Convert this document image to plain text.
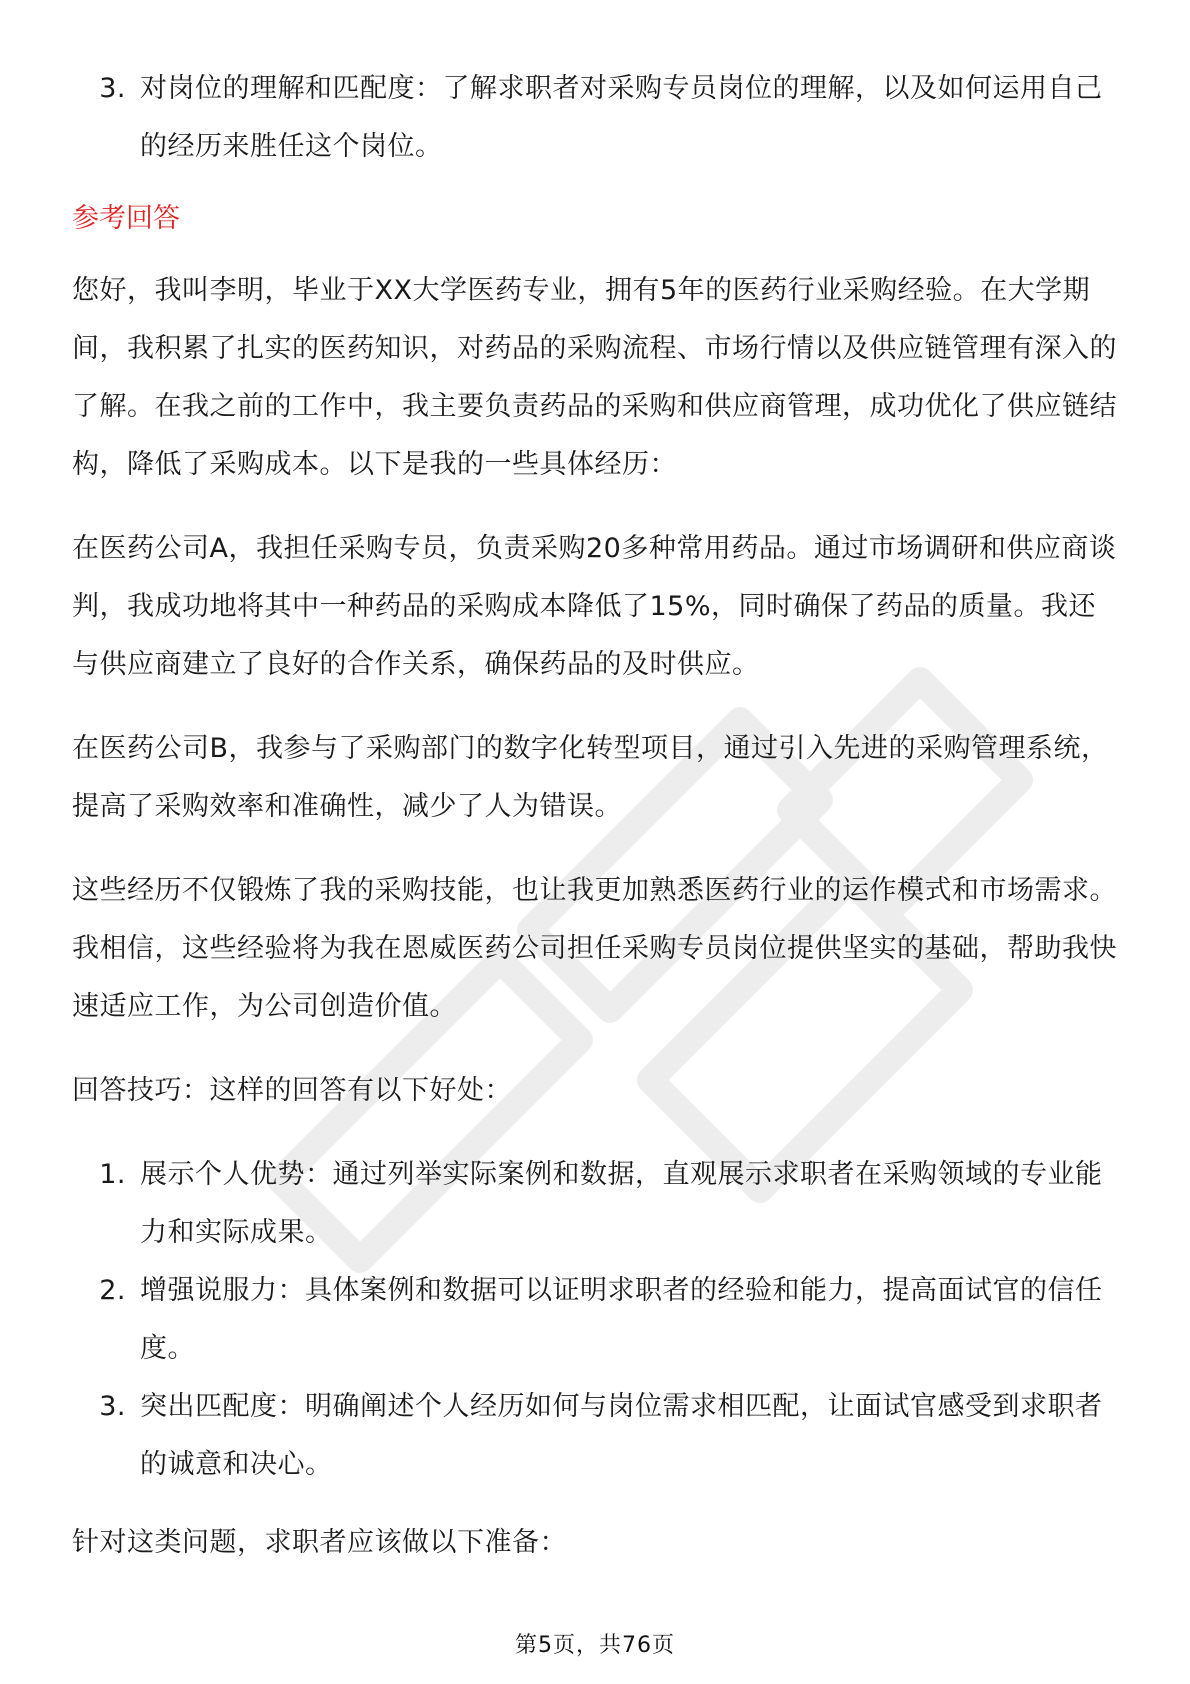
3. 对岗位的理解和匹配度：了解求职者对采购专员岗位的理解，以及如何运用自己的经历来胜任这个岗位。
参考回答

您好，我叫李明，毕业于XX大学医药专业，拥有5年的医药行业采购经验。在大学期间，我积累了扎实的医药知识，对药品的采购流程、市场行情以及供应链管理有深入的了解。在我之前的工作中，我主要负责药品的采购和供应商管理，成功优化了供应链结构，降低了采购成本。以下是我的一些具体经历：

在医药公司A，我担任采购专员，负责采购20多种常用药品。通过市场调研和供应商谈判，我成功地将其中一种药品的采购成本降低了15%，同时确保了药品的质量。我还与供应商建立了良好的合作关系，确保药品的及时供应。

在医药公司B，我参与了采购部门的数字化转型项目，通过引入先进的采购管理系统，提高了采购效率和准确性，减少了人为错误。

这些经历不仅锻炼了我的采购技能，也让我更加熟悉医药行业的运作模式和市场需求。我相信，这些经验将为我在恩威医药公司担任采购专员岗位提供坚实的基础，帮助我快速适应工作，为公司创造价值。

回答技巧：这样的回答有以下好处：

1. 展示个人优势：通过列举实际案例和数据，直观展示求职者在采购领域的专业能力和实际成果。
2. 增强说服力：具体案例和数据可以证明求职者的经验和能力，提高面试官的信任度。
3. 突出匹配度：明确阐述个人经历如何与岗位需求相匹配，让面试官感受到求职者的诚意和决心。

针对这类问题，求职者应该做以下准备：

第5页，共76页
